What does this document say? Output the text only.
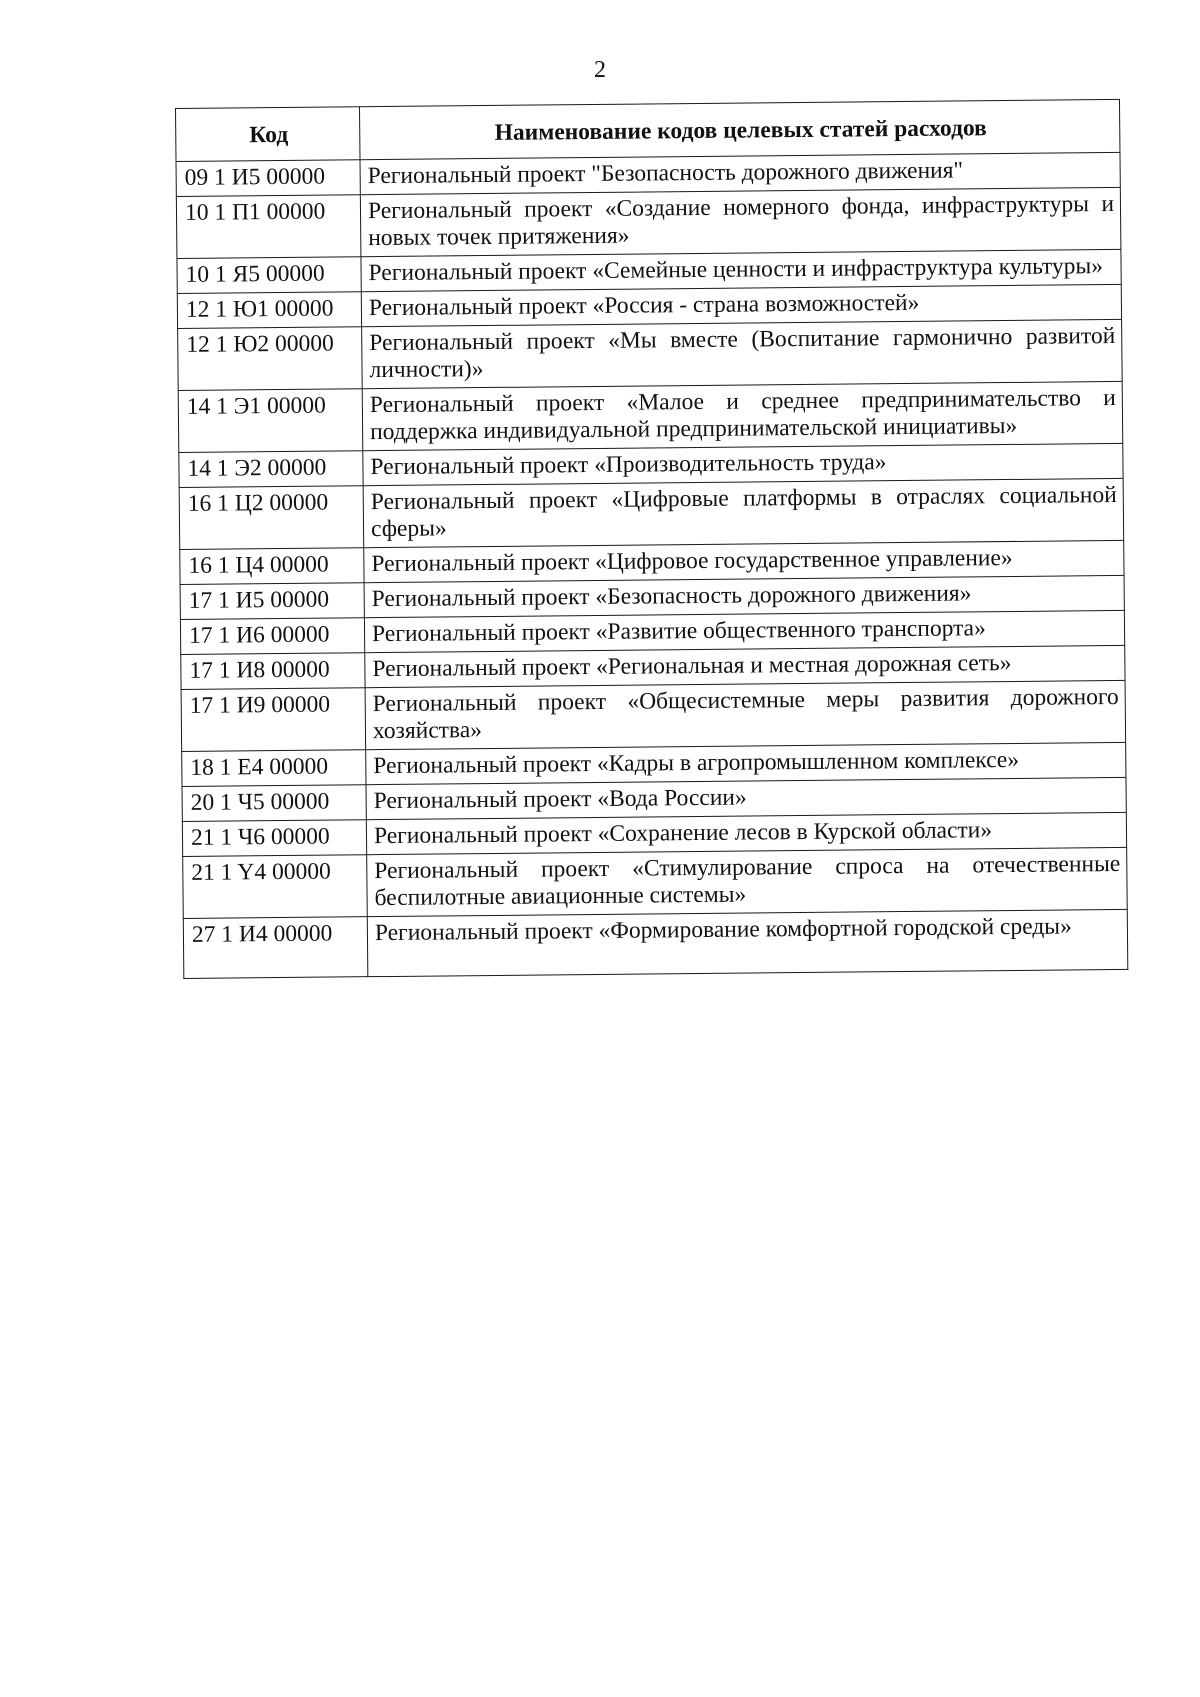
2
Код	Наименование кодов целевых статей расходов
09 1 И5 00000	Региональный проект "Безопасность дорожного движения"
10 1 П1 00000	Региональный проект «Создание номерного фонда, инфраструктуры и новых точек притяжения»
10 1 Я5 00000	Региональный проект «Семейные ценности и инфраструктура культуры»
12 1 Ю1 00000	Региональный проект «Россия - страна возможностей»
12 1 Ю2 00000	Региональный проект «Мы вместе (Воспитание гармонично развитой личности)»
14 1 Э1 00000	Региональный проект «Малое и среднее предпринимательство и поддержка индивидуальной предпринимательской инициативы»
14 1 Э2 00000	Региональный проект «Производительность труда»
16 1 Ц2 00000	Региональный проект «Цифровые платформы в отраслях социальной сферы»
16 1 Ц4 00000	Региональный проект «Цифровое государственное управление»
17 1 И5 00000	Региональный проект «Безопасность дорожного движения»
17 1 И6 00000	Региональный проект «Развитие общественного транспорта»
17 1 И8 00000	Региональный проект «Региональная и местная дорожная сеть»
17 1 И9 00000	Региональный проект «Общесистемные меры развития дорожного хозяйства»
18 1 Е4 00000	Региональный проект «Кадры в агропромышленном комплексе»
20 1 Ч5 00000	Региональный проект «Вода России»
21 1 Ч6 00000	Региональный проект «Сохранение лесов в Курской области»
21 1 Y4 00000	Региональный проект «Стимулирование спроса на отечественные беспилотные авиационные системы»
27 1 И4 00000	Региональный проект «Формирование комфортной городской среды»
